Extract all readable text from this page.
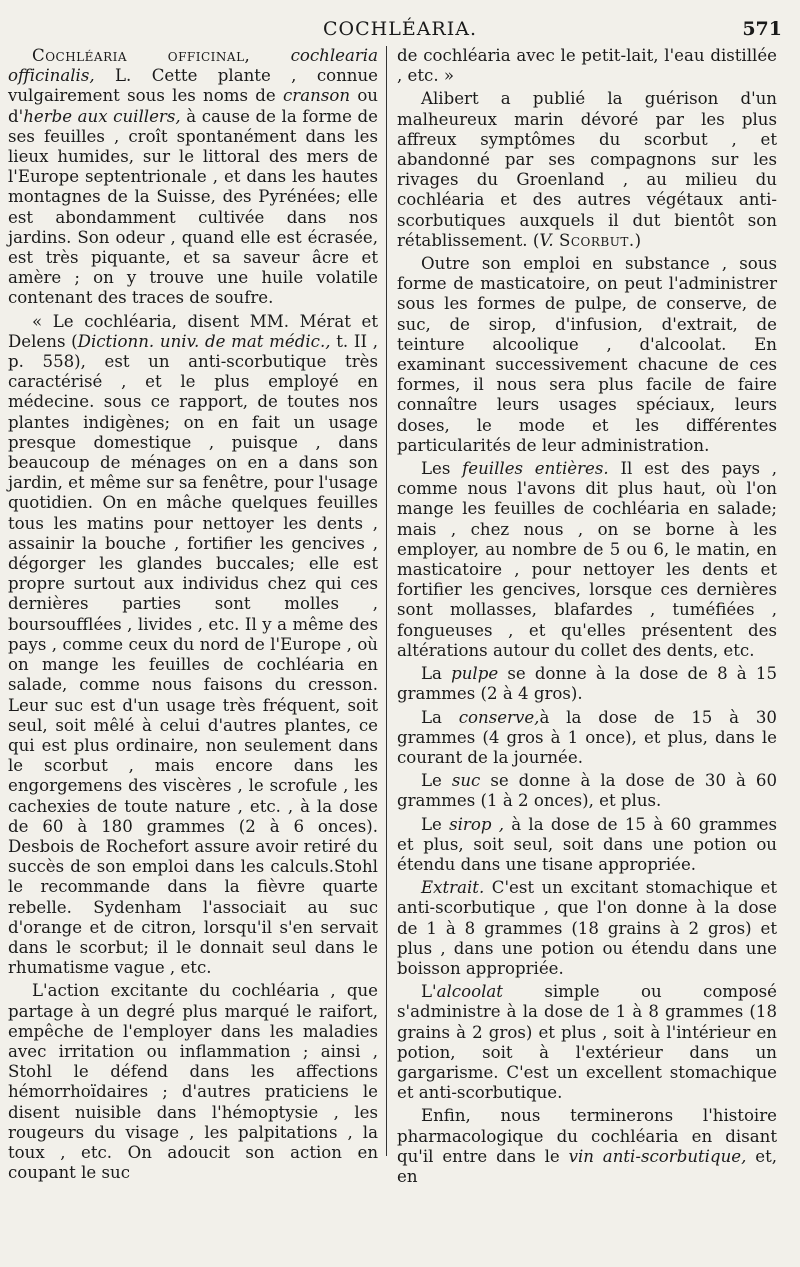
COCHLÉARIA.	571

Cochléaria officinal, cochlearia officinalis, L. Cette plante , connue vulgairement sous les noms de cranson ou d'herbe aux cuillers, à cause de la forme de ses feuilles , croît spontanément dans les lieux humides, sur le littoral des mers de l'Europe septentrionale , et dans les hautes montagnes de la Suisse, des Pyrénées; elle est abondamment cultivée dans nos jardins. Son odeur , quand elle est écrasée, est très piquante, et sa saveur âcre et amère ; on y trouve une huile volatile contenant des traces de soufre.

« Le cochléaria, disent MM. Mérat et Delens (Dictionn. univ. de mat médic., t. II , p. 558), est un anti-scorbutique très caractérisé , et le plus employé en médecine. sous ce rapport, de toutes nos plantes indigènes; on en fait un usage presque domestique , puisque , dans beaucoup de ménages on en a dans son jardin, et même sur sa fenêtre, pour l'usage quotidien. On en mâche quelques feuilles tous les matins pour nettoyer les dents , assainir la bouche , fortifier les gencives , dégorger les glandes buccales; elle est propre surtout aux individus chez qui ces dernières parties sont molles , boursoufflées , livides , etc. Il y a même des pays , comme ceux du nord de l'Europe , où on mange les feuilles de cochléaria en salade, comme nous faisons du cresson. Leur suc est d'un usage très fréquent, soit seul, soit mêlé à celui d'autres plantes, ce qui est plus ordinaire, non seulement dans le scorbut , mais encore dans les engorgemens des viscères , le scrofule , les cachexies de toute nature , etc. , à la dose de 60 à 180 grammes (2 à 6 onces). Desbois de Rochefort assure avoir retiré du succès de son emploi dans les calculs.Stohl le recommande dans la fièvre quarte rebelle. Sydenham l'associait au suc d'orange et de citron, lorsqu'il s'en servait dans le scorbut; il le donnait seul dans le rhumatisme vague , etc.

L'action excitante du cochléaria , que partage à un degré plus marqué le raifort, empêche de l'employer dans les maladies avec irritation ou inflammation ; ainsi , Stohl le défend dans les affections hémorrhoïdaires ; d'autres praticiens le disent nuisible dans l'hémoptysie , les rougeurs du visage , les palpitations , la toux , etc. On adoucit son action en coupant le suc

de cochléaria avec le petit-lait, l'eau distillée , etc. »

Alibert a publié la guérison d'un malheureux marin dévoré par les plus affreux symptômes du scorbut , et abandonné par ses compagnons sur les rivages du Groenland , au milieu du cochléaria et des autres végétaux anti-scorbutiques auxquels il dut bientôt son rétablissement. (V. Scorbut.)

Outre son emploi en substance , sous forme de masticatoire, on peut l'administrer sous les formes de pulpe, de conserve, de suc, de sirop, d'infusion, d'extrait, de teinture alcoolique , d'alcoolat. En examinant successivement chacune de ces formes, il nous sera plus facile de faire connaître leurs usages spéciaux, leurs doses, le mode et les différentes particularités de leur administration.

Les feuilles entières. Il est des pays , comme nous l'avons dit plus haut, où l'on mange les feuilles de cochléaria en salade; mais , chez nous , on se borne à les employer, au nombre de 5 ou 6, le matin, en masticatoire , pour nettoyer les dents et fortifier les gencives, lorsque ces dernières sont mollasses, blafardes , tuméfiées , fongueuses , et qu'elles présentent des altérations autour du collet des dents, etc.

La pulpe se donne à la dose de 8 à 15 grammes (2 à 4 gros).

La conserve,à la dose de 15 à 30 grammes (4 gros à 1 once), et plus, dans le courant de la journée.

Le suc se donne à la dose de 30 à 60 grammes (1 à 2 onces), et plus.

Le sirop , à la dose de 15 à 60 grammes et plus, soit seul, soit dans une potion ou étendu dans une tisane appropriée.

Extrait. C'est un excitant stomachique et anti-scorbutique , que l'on donne à la dose de 1 à 8 grammes (18 grains à 2 gros) et plus , dans une potion ou étendu dans une boisson appropriée.

L'alcoolat simple ou composé s'administre à la dose de 1 à 8 grammes (18 grains à 2 gros) et plus , soit à l'intérieur en potion, soit à l'extérieur dans un gargarisme. C'est un excellent stomachique et anti-scorbutique.

Enfin, nous terminerons l'histoire pharmacologique du cochléaria en disant qu'il entre dans le vin anti-scorbutique, et, en
